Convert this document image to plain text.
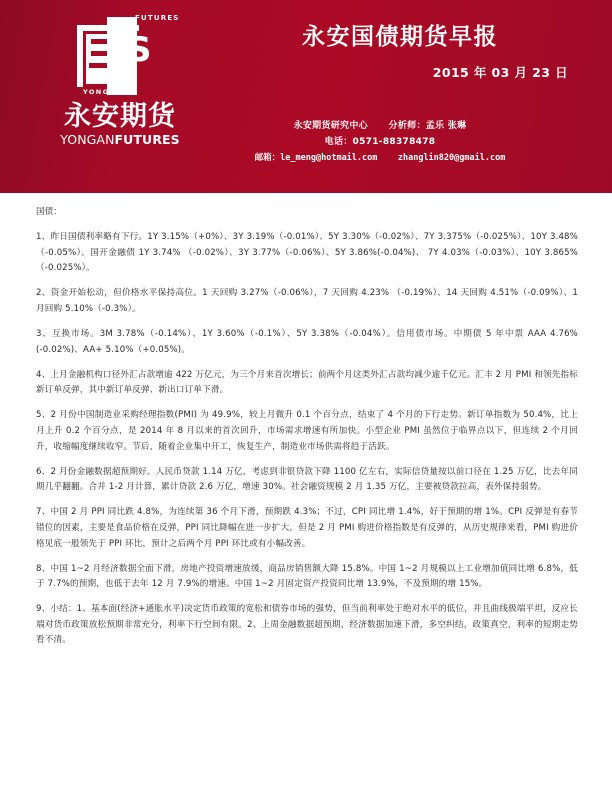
S
FUTURES
YONGAN
永安期货
YONGANFUTURES
永安国债期货早报
2015 年 03 月 23 日
永安期货研究中心      分析师：孟乐 张琳
电话：0571-88378478
邮箱：le_meng@hotmail.com    zhanglin820@gmail.com
国债：
1、昨日国债利率略有下行。1Y 3.15%（+0%）、3Y 3.19%（-0.01%）、5Y 3.30%（-0.02%）、7Y 3.375%（-0.025%）、10Y 3.48%（-0.05%）。国开金融债 1Y 3.74% （-0.02%）、3Y 3.77%（-0.06%）、5Y 3.86%(-0.04%)、 7Y 4.03%（-0.03%）、10Y 3.865%（-0.025%）。
2、资金开始松动，但价格水平保持高位。1 天回购 3.27%（-0.06%），7 天回购 4.23% （-0.19%）、14 天回购 4.51%（-0.09%）、1 月回购 5.10%（-0.3%）。
3、互换市场。3M 3.78%（-0.14%）、1Y 3.60%（-0.1%）、5Y 3.38%（-0.04%）。信用债市场。中期债 5 年中票 AAA 4.76%(-0.02%)、AA+ 5.10%（+0.05%)。
4、上月金融机构口径外汇占款增逾 422 万亿元，为三个月来首次增长；前两个月这类外汇占款均减少逾千亿元。汇丰 2 月 PMI 和领先指标新订单反弹，其中新订单反弹、新出口订单下滑。
5、2 月份中国制造业采购经理指数(PMI) 为 49.9%，较上月微升 0.1 个百分点，结束了 4 个月的下行走势。新订单指数为 50.4%，比上月上升 0.2 个百分点，是 2014 年 8 月以来的首次回升，市场需求增速有所加快。小型企业 PMI 虽然位于临界点以下，但连续 2 个月回升，收缩幅度继续收窄。节后，随着企业集中开工，恢复生产，制造业市场供需将趋于活跃。
6、2 月份金融数据超预期好。人民币贷款 1.14 万亿，考虑到非银贷款下降 1100 亿左右，实际信贷量按以前口径在 1.25 万亿，比去年同期几乎翻翻。合并 1-2 月计算，累计贷款 2.6 万亿，增速 30%。社会融资规模 2 月 1.35 万亿，主要被贷款拉高，表外保持弱势。
7、中国 2 月 PPI 同比跌 4.8%，为连续第 36 个月下滑，预期跌 4.3%；不过，CPI 同比增 1.4%，好于预期的增 1%。CPI 反弹是有春节错位的因素，主要是食品价格在反弹，PPI 同比降幅在进一步扩大，但是 2 月 PMI 购进价格指数是有反弹的，从历史规律来看，PMI 购进价格见底一般领先于 PPI 环比，预计之后两个月 PPI 环比或有小幅改善。
8、中国 1~2 月经济数据全面下滑，房地产投资增速放缓，商品房销售额大降 15.8%。中国 1~2 月规模以上工业增加值同比增 6.8%，低于 7.7%的预期，也低于去年 12 月 7.9%的增速。中国 1~2 月固定资产投资同比增 13.9%，不及预期的增 15%。
9、小结：1、基本面(经济+通胀水平)决定货币政策的宽松和债券市场的强势，但当前利率处于绝对水平的低位，并且曲线极端平坦，反应长端对货币政策放松预期非常充分，利率下行空间有限。2、上周金融数据超预期，经济数据加速下滑，多空纠结，政策真空，利率的短期走势看不清。
